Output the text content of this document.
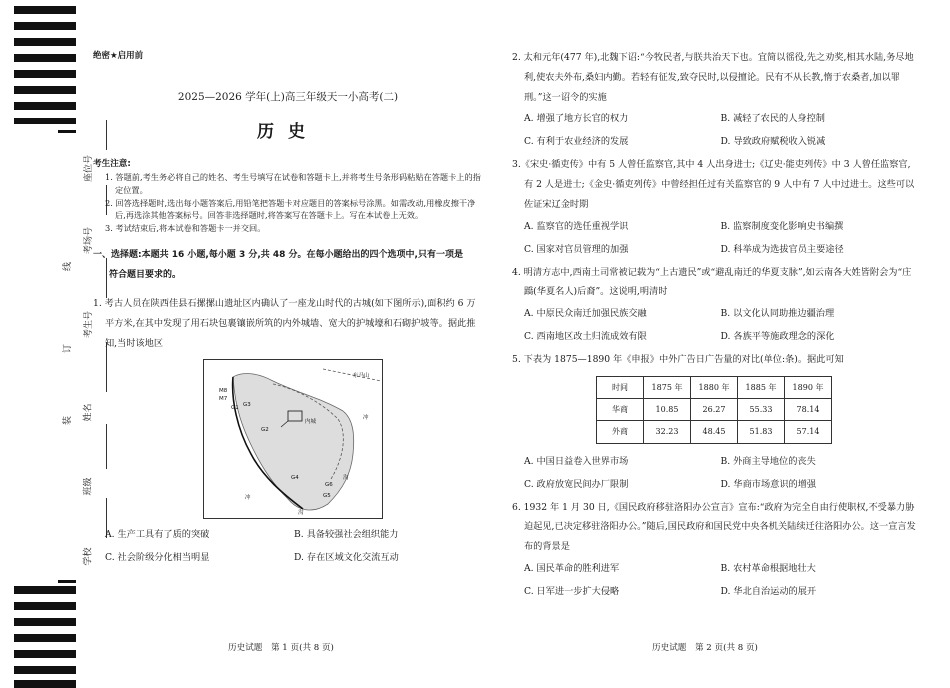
座位号
考场号
考生号
姓名
班级
学校
线
订
装

绝密★启用前

2025—2026 学年(上)高三年级天一小高考(二)

历史

考生注意:

1. 答题前,考生务必将自己的姓名、考生号填写在试卷和答题卡上,并将考生号条形码粘贴在答题卡上的指定位置。

2. 回答选择题时,选出每小题答案后,用铅笔把答题卡对应题目的答案标号涂黑。如需改动,用橡皮擦干净后,再选涂其他答案标号。回答非选择题时,将答案写在答题卡上。写在本试卷上无效。

3. 考试结束后,将本试卷和答题卡一并交回。

一、选择题:本题共 16 小题,每小题 3 分,共 48 分。在每小题给出的四个选项中,只有一项是

符合题目要求的。

1. 考古人员在陕西佳县石摞摞山遗址区内确认了一座龙山时代的古城(如下图所示),面积约 6 万平方米,在其中发现了用石块包裹镶嵌所筑的内外城墙、宽大的护城壕和石砌护坡等。据此推知,当时该地区

M8
M7
G1 G3
G2
G4
G5
G6
内城
冲
沟
冲
沟
东马山
A. 生产工具有了质的突破	B. 具备较强社会组织能力
C. 社会阶级分化相当明显	D. 存在区域文化交流互动

历史试题　第 1 页(共 8 页)

2. 太和元年(477 年),北魏下诏:“今牧民者,与朕共治天下也。宜简以徭役,先之劝奖,相其水陆,务尽地利,使农夫外布,桑妇内勤。若轻有征发,致夺民时,以侵擅论。民有不从长教,惰于农桑者,加以罪刑。”这一诏令的实施

A. 增强了地方长官的权力	B. 减轻了农民的人身控制
C. 有利于农业经济的发展	D. 导致政府赋税收入锐减

3.《宋史·循吏传》中有 5 人曾任监察官,其中 4 人出身进士;《辽史·能吏列传》中 3 人曾任监察官,有 2 人是进士;《金史·循吏列传》中曾经担任过有关监察官的 9 人中有 7 人中过进士。这些可以佐证宋辽金时期

A. 监察官的选任重视学识	B. 监察制度变化影响史书编撰
C. 国家对官员管理的加强	D. 科举成为选拔官员主要途径

4. 明清方志中,西南土司常被记载为“上古遗民”或“避乱南迁的华夏支脉”,如云南各大姓皆附会为“庄蹻(华夏名人)后裔”。这说明,明清时

A. 中原民众南迁加强民族交融	B. 以文化认同助推边疆治理
C. 西南地区改土归流成效有限	D. 各族平等施政理念的深化

5. 下表为 1875—1890 年《申报》中外广告日广告量的对比(单位:条)。据此可知

时间	1875 年	1880 年	1885 年	1890 年
华商	10.85	26.27	55.33	78.14
外商	32.23	48.45	51.83	57.14
A. 中国日益卷入世界市场	B. 外商主导地位的丧失
C. 政府放宽民间办厂限制	D. 华商市场意识的增强

6. 1932 年 1 月 30 日,《国民政府移驻洛阳办公宣言》宣布:“政府为完全自由行使职权,不受暴力胁迫起见,已决定移驻洛阳办公。”随后,国民政府和国民党中央各机关陆续迁往洛阳办公。这一宣言发布的背景是

A. 国民革命的胜利进军	B. 农村革命根据地壮大
C. 日军进一步扩大侵略	D. 华北自治运动的展开

历史试题　第 2 页(共 8 页)
